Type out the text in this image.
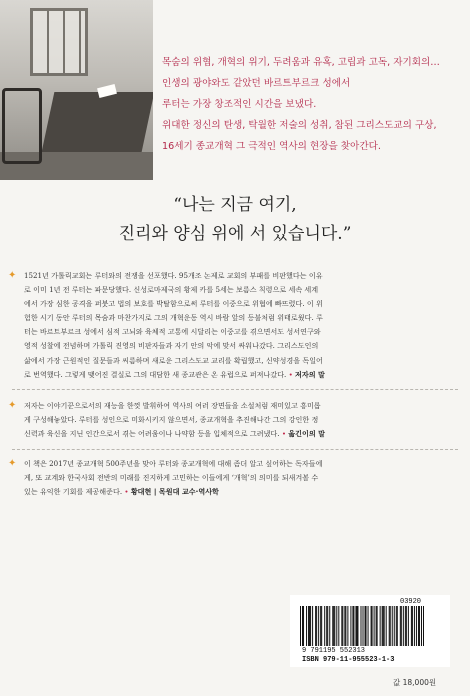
목숨의 위협, 개혁의 위기, 두려움과 유혹, 고립과 고독, 자기회의…
인생의 광야와도 같았던 바르트부르크 성에서
루터는 가장 창조적인 시간을 보냈다.
위대한 정신의 탄생, 탁월한 저술의 성취, 참된 그리스도교의 구상,
16세기 종교개혁 그 극적인 역사의 현장을 찾아간다.
“나는 지금 여기,
진리와 양심 위에 서 있습니다.”
✦ 1521년 가톨릭교회는 루터와의 전쟁을 선포했다. 95개조 논제로 교회의 부패를 비판했다는 이유
로 이미 1년 전 루터는 파문당했다. 신성로마제국의 황제 카를 5세는 보름스 칙령으로 세속 세계
에서 가장 심한 공격을 퍼붓고 법의 보호를 박탈함으로써 루터를 이중으로 위협에 빠뜨렸다. 이 위
험한 시기 동안 루터의 목숨과 마찬가지로 그의 개혁운동 역시 바람 앞의 등불처럼 위태로웠다. 루
터는 바르트부르크 성에서 심적 고뇌와 육체적 고통에 시달리는 이중고를 겪으면서도 성서연구와
영적 성찰에 전념하며 가톨릭 진영의 비판자들과 자기 안의 악에 맞서 싸워나갔다. 그리스도인의
삶에서 가장 근원적인 질문들과 씨름하며 새로운 그리스도교 교리를 확립했고, 신약성경을 독일어
로 번역했다. 그렇게 맺어진 결실로 그의 대담한 새 종교관은 온 유럽으로 퍼져나갔다. • 저자의 말
✦ 저자는 이야기꾼으로서의 재능을 한껏 발휘하여 역사의 여러 장면들을 소설처럼 재미있고 흥미롭
게 구성해놓았다. 루터를 성인으로 미화시키지 않으면서, 종교개혁을 추진해나간 그의 강인한 정
신력과 육신을 지닌 인간으로서 겪는 어려움이나 나약함 등을 입체적으로 그려냈다. • 옮긴이의 말
✦ 이 책은 2017년 종교개혁 500주년을 맞아 루터와 종교개혁에 대해 좀더 알고 싶어하는 독자들에
게, 또 교계와 한국사회 전반의 미래를 진지하게 고민하는 이들에게 ‘개혁’의 의미를 되새겨볼 수
있는 유익한 기회를 제공해준다. • 황대현 | 목원대 교수·역사학
03920
9 791195 552313
ISBN 979-11-955523-1-3
값 18,000원
